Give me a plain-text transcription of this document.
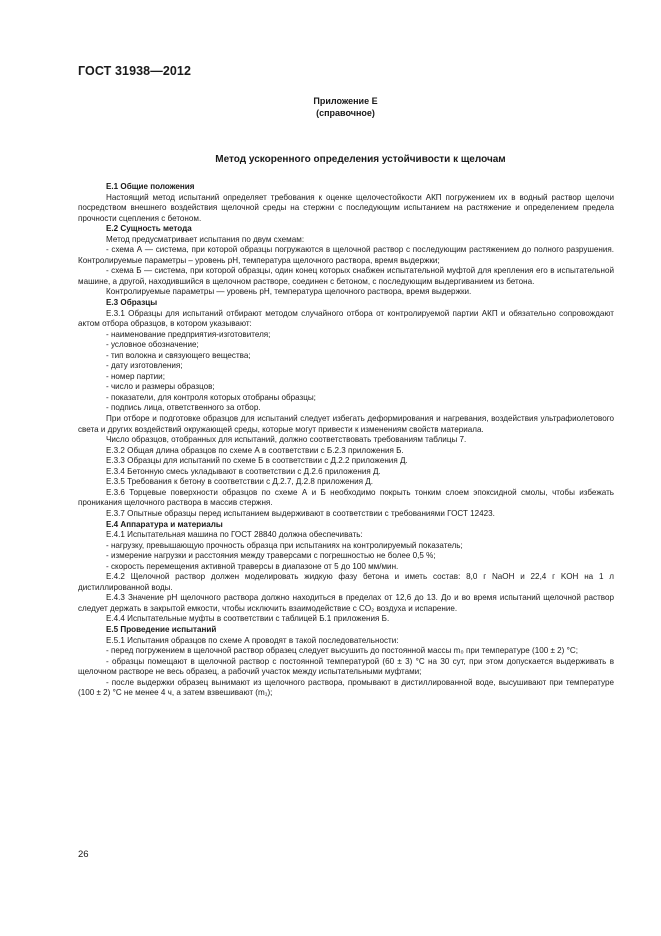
ГОСТ 31938—2012
Приложение Е
(справочное)
Метод ускоренного определения устойчивости к щелочам

Е.1 Общие положения

Настоящий метод испытаний определяет требования к оценке щелочестойкости АКП погружением их в водный раствор щелочи посредством внешнего воздействия щелочной среды на стержни с последующим испытанием на растяжение и определением предела прочности сцепления с бетоном.

Е.2 Сущность метода

Метод предусматривает испытания по двум схемам:

- схема А — система, при которой образцы погружаются в щелочной раствор с последующим растяжением до полного разрушения. Контролируемые параметры – уровень pH, температура щелочного раствора, время выдержки;

- схема Б — система, при которой образцы, один конец которых снабжен испытательной муфтой для крепления его в испытательной машине, а другой, находившийся в щелочном растворе, соединен с бетоном, с последующим выдергиванием из бетона.

Контролируемые параметры — уровень pH, температура щелочного раствора, время выдержки.

Е.3 Образцы

Е.3.1 Образцы для испытаний отбирают методом случайного отбора от контролируемой партии АКП и обязательно сопровождают актом отбора образцов, в котором указывают:

- наименование предприятия-изготовителя;

- условное обозначение;

- тип волокна и связующего вещества;

- дату изготовления;

- номер партии;

- число и размеры образцов;

- показатели, для контроля которых отобраны образцы;

- подпись лица, ответственного за отбор.

При отборе и подготовке образцов для испытаний следует избегать деформирования и нагревания, воздействия ультрафиолетового света и других воздействий окружающей среды, которые могут привести к изменениям свойств материала.

Число образцов, отобранных для испытаний, должно соответствовать требованиям таблицы 7.

Е.3.2 Общая длина образцов по схеме А в соответствии с Б.2.3 приложения Б.

Е.3.3 Образцы для испытаний по схеме Б в соответствии с Д.2.2 приложения Д.

Е.3.4 Бетонную смесь укладывают в соответствии с Д.2.6 приложения Д.

Е.3.5 Требования к бетону в соответствии с Д.2.7, Д.2.8 приложения Д.

Е.3.6 Торцевые поверхности образцов по схеме А и Б необходимо покрыть тонким слоем эпоксидной смолы, чтобы избежать проникания щелочного раствора в массив стержня.

Е.3.7 Опытные образцы перед испытанием выдерживают в соответствии с требованиями ГОСТ 12423.

Е.4 Аппаратура и материалы

Е.4.1 Испытательная машина по ГОСТ 28840 должна обеспечивать:

- нагрузку, превышающую прочность образца при испытаниях на контролируемый показатель;

- измерение нагрузки и расстояния между траверсами с погрешностью не более 0,5 %;

- скорость перемещения активной траверсы в диапазоне от 5 до 100 мм/мин.

Е.4.2 Щелочной раствор должен моделировать жидкую фазу бетона и иметь состав: 8,0 г NaOH и 22,4 г KOH на 1 л дистиллированной воды.

Е.4.3 Значение pH щелочного раствора должно находиться в пределах от 12,6 до 13. До и во время испытаний щелочной раствор следует держать в закрытой емкости, чтобы исключить взаимодействие с CO₂ воздуха и испарение.

Е.4.4 Испытательные муфты в соответствии с таблицей Б.1 приложения Б.

Е.5 Проведение испытаний

Е.5.1 Испытания образцов по схеме А проводят в такой последовательности:

- перед погружением в щелочной раствор образец следует высушить до постоянной массы m₀ при температуре (100 ± 2) °С;

- образцы помещают в щелочной раствор с постоянной температурой (60 ± 3) °С на 30 сут, при этом допускается выдерживать в щелочном растворе не весь образец, а рабочий участок между испытательными муфтами;

- после выдержки образец вынимают из щелочного раствора, промывают в дистиллированной воде, высушивают при температуре (100 ± 2) °С не менее 4 ч, а затем взвешивают (m₁);

26
